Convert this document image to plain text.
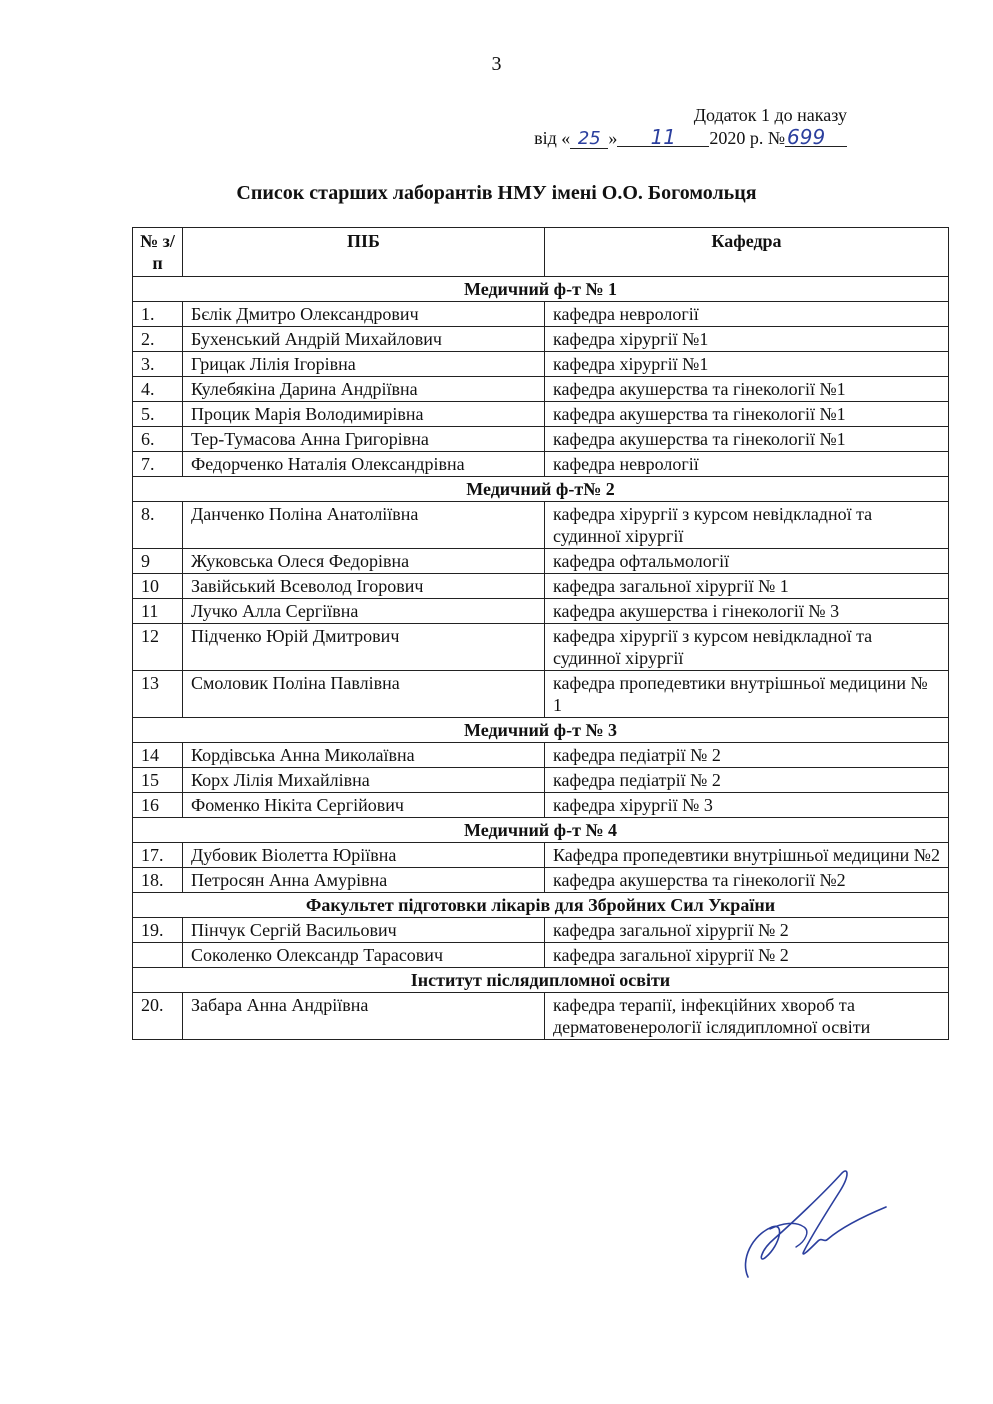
3
Додаток 1 до наказу
від « 25 » 11 2020 р. № 699
Список старших лаборантів НМУ імені О.О. Богомольця
№ з/п	ПІБ	Кафедра
Медичний ф-т № 1		
1.	Бєлік Дмитро Олександрович	кафедра неврології
2.	Бухенський Андрій Михайлович	кафедра хірургії №1
3.	Грицак Лілія Ігорівна	кафедра хірургії №1
4.	Кулебякіна Дарина Андріївна	кафедра акушерства та гінекології №1
5.	Процик Марія Володимирівна	кафедра акушерства та гінекології №1
6.	Тер-Тумасова Анна Григорівна	кафедра акушерства та гінекології №1
7.	Федорченко Наталія Олександрівна	кафедра неврології
Медичний ф-т№ 2		
8.	Данченко Поліна Анатоліївна	кафедра хірургії з курсом невідкладної та судинної хірургії
9	Жуковська Олеся Федорівна	кафедра офтальмології
10	Завійський Всеволод Ігорович	кафедра загальної хірургії № 1
11	Лучко Алла Сергіївна	кафедра акушерства і гінекології № 3
12	Підченко Юрій Дмитрович	кафедра хірургії з курсом невідкладної та судинної хірургії
13	Смоловик Поліна Павлівна	кафедра пропедевтики внутрішньої медицини № 1
Медичний ф-т № 3		
14	Кордівська Анна Миколаївна	кафедра педіатрії № 2
15	Корх Лілія Михайлівна	кафедра педіатрії № 2
16	Фоменко Нікіта Сергійович	кафедра хірургії № 3
Медичний ф-т № 4		
17.	Дубовик Віолетта Юріївна	Кафедра пропедевтики внутрішньої медицини №2
18.	Петросян Анна Амурівна	кафедра акушерства та гінекології №2
Факультет підготовки лікарів для Збройних Сил України		
19.	Пінчук Сергій Васильович	кафедра загальної хірургії № 2
	Соколенко Олександр Тарасович	кафедра загальної хірургії № 2
Інститут післядипломної освіти		
20.	Забара Анна Андріївна	кафедра терапії, інфекційних хвороб та дерматовенерології іслядипломної освіти
